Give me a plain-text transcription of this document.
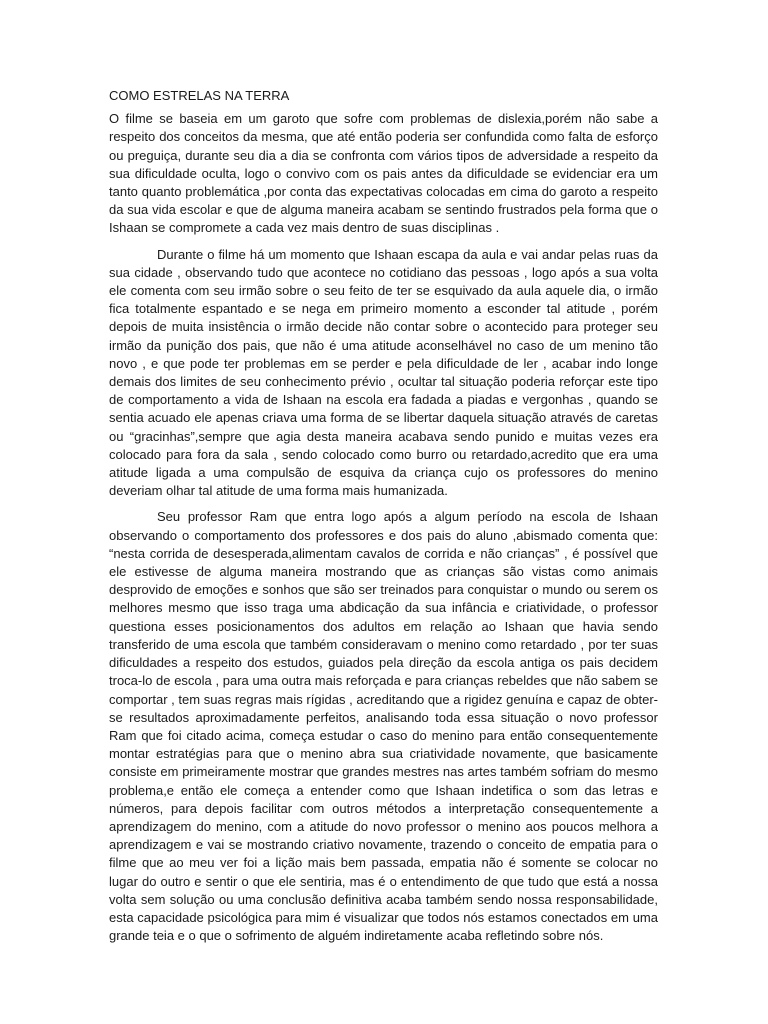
COMO ESTRELAS NA TERRA

O filme se baseia em um garoto que sofre com problemas de dislexia,porém não sabe a respeito dos conceitos da mesma, que até então poderia ser confundida como falta de esforço ou preguiça, durante seu dia a dia se confronta com vários tipos de adversidade a respeito da sua dificuldade oculta, logo o convivo com os pais antes da dificuldade se evidenciar era um tanto quanto problemática ,por conta das expectativas colocadas em cima do garoto a respeito da sua vida escolar e que de alguma maneira acabam se sentindo frustrados pela forma que o Ishaan se compromete a cada vez mais dentro de suas disciplinas .

Durante o filme há um momento que Ishaan escapa da aula e vai andar pelas ruas da sua cidade , observando tudo que acontece no cotidiano das pessoas , logo após a sua volta ele comenta com seu irmão sobre o seu feito de ter se esquivado da aula aquele dia, o irmão fica totalmente espantado e se nega em primeiro momento a esconder tal atitude , porém depois de muita insistência o irmão decide não contar sobre o acontecido para proteger seu irmão da punição dos pais, que não é uma atitude aconselhável no caso de um menino tão novo , e que pode ter problemas em se perder e pela dificuldade de ler , acabar indo longe demais dos limites de seu conhecimento prévio , ocultar tal situação poderia reforçar este tipo de comportamento a vida de Ishaan na escola era fadada a piadas e vergonhas , quando se sentia acuado ele apenas criava uma forma de se libertar daquela situação através de caretas ou “gracinhas”,sempre que agia desta maneira acabava sendo punido e muitas vezes era colocado para fora da sala , sendo colocado como burro ou retardado,acredito que era uma atitude ligada a uma compulsão de esquiva da criança cujo os professores do menino deveriam olhar tal atitude de uma forma mais humanizada.

Seu professor Ram que entra logo após a algum período na escola de Ishaan observando o comportamento dos professores e dos pais do aluno ,abismado comenta que: “nesta corrida de desesperada,alimentam cavalos de corrida e não crianças” , é possível que ele estivesse de alguma maneira mostrando que as crianças são vistas como animais desprovido de emoções e sonhos que são ser treinados para conquistar o mundo ou serem os melhores mesmo que isso traga uma abdicação da sua infância e criatividade, o professor questiona esses posicionamentos dos adultos em relação ao Ishaan que havia sendo transferido de uma escola que também consideravam o menino como retardado , por ter suas dificuldades a respeito dos estudos, guiados pela direção da escola antiga os pais decidem troca-lo de escola , para uma outra mais reforçada e para crianças rebeldes que não sabem se comportar , tem suas regras mais rígidas , acreditando que a rigidez genuína e capaz de obter-se resultados aproximadamente perfeitos, analisando toda essa situação o novo professor Ram que foi citado acima, começa estudar o caso do menino para então consequentemente montar estratégias para que o menino abra sua criatividade novamente, que basicamente consiste em primeiramente mostrar que grandes mestres nas artes também sofriam do mesmo problema,e então ele começa a entender como que Ishaan indetifica o som das letras e números, para depois facilitar com outros métodos a interpretação consequentemente a aprendizagem do menino, com a atitude do novo professor o menino aos poucos melhora a aprendizagem e vai se mostrando criativo novamente, trazendo o conceito de empatia para o filme que ao meu ver foi a lição mais bem passada, empatia não é somente se colocar no lugar do outro e sentir o que ele sentiria, mas é o entendimento de que tudo que está a nossa volta sem solução ou uma conclusão definitiva acaba também sendo nossa responsabilidade, esta capacidade psicológica para mim é visualizar que todos nós estamos conectados em uma grande teia e o que o sofrimento de alguém indiretamente acaba refletindo sobre nós.
